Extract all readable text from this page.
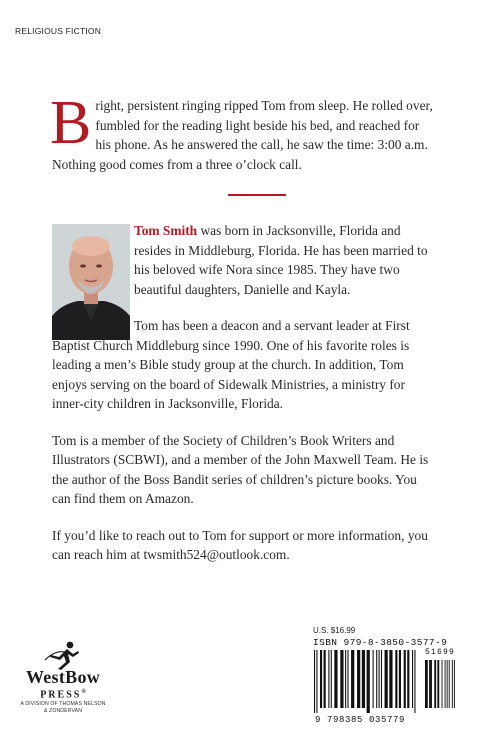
RELIGIOUS FICTION
B right, persistent ringing ripped Tom from sleep. He rolled over, fumbled for the reading light beside his bed, and reached for his phone. As he answered the call, he saw the time: 3:00 a.m. Nothing good comes from a three o’clock call.

Tom Smith was born in Jacksonville, Florida and resides in Middleburg, Florida. He has been married to his beloved wife Nora since 1985. They have two beautiful daughters, Danielle and Kayla.

Tom has been a deacon and a servant leader at First Baptist Church Middleburg since 1990. One of his favorite roles is leading a men’s Bible study group at the church. In addition, Tom enjoys serving on the board of Sidewalk Ministries, a ministry for inner-city children in Jacksonville, Florida.

Tom is a member of the Society of Children’s Book Writers and Illustrators (SCBWI), and a member of the John Maxwell Team. He is the author of the Boss Bandit series of children’s picture books. You can find them on Amazon.

If you’d like to reach out to Tom for support or more information, you can reach him at twsmith524@outlook.com.

U.S. $16.99
ISBN 979-8-3850-3577-9
51699
9 798385 035779
WestBow
PRESS®
A DIVISION OF THOMAS NELSON
& ZONDERVAN
